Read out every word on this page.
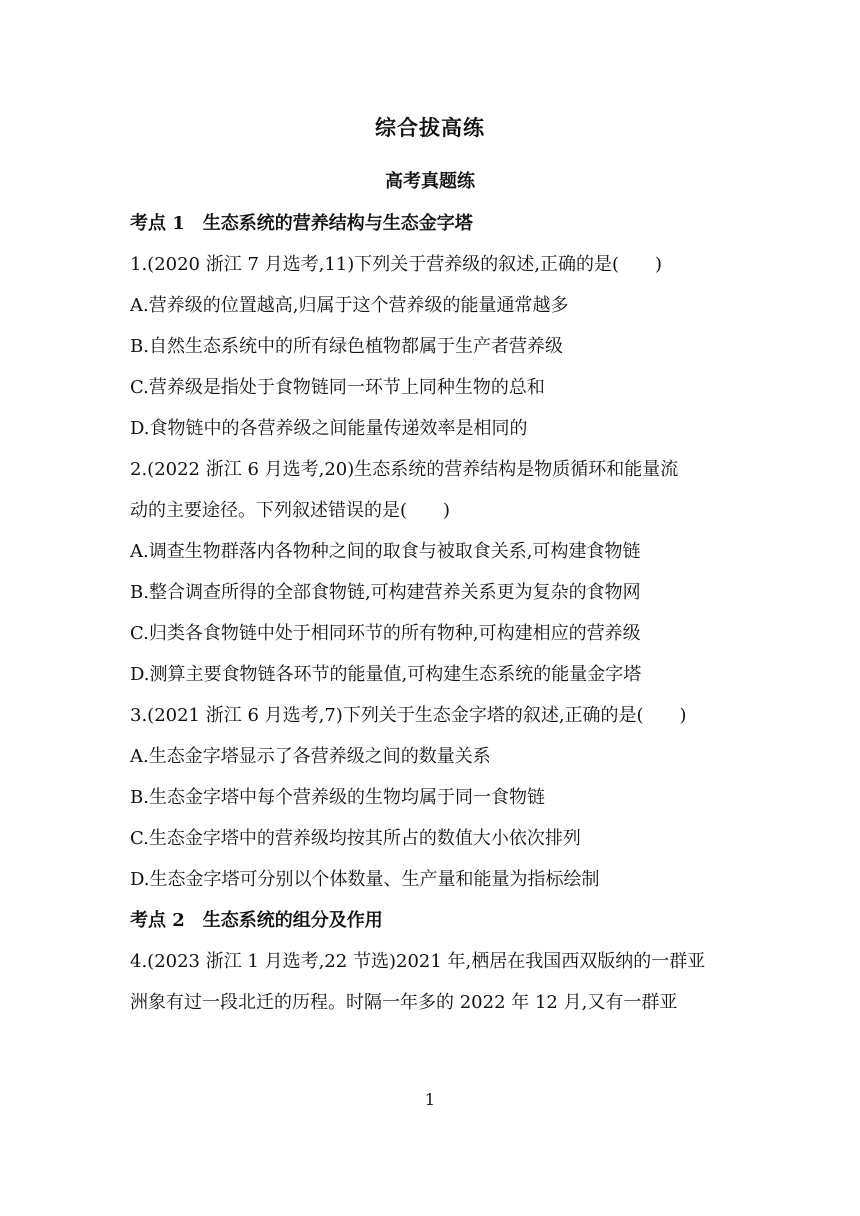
综合拔高练
高考真题练
考点 1 生态系统的营养结构与生态金字塔
1.(2020 浙江 7 月选考,11)下列关于营养级的叙述,正确的是(　　)
A.营养级的位置越高,归属于这个营养级的能量通常越多
B.自然生态系统中的所有绿色植物都属于生产者营养级
C.营养级是指处于食物链同一环节上同种生物的总和
D.食物链中的各营养级之间能量传递效率是相同的
2.(2022 浙江 6 月选考,20)生态系统的营养结构是物质循环和能量流
动的主要途径。下列叙述错误的是(　　)
A.调查生物群落内各物种之间的取食与被取食关系,可构建食物链
B.整合调查所得的全部食物链,可构建营养关系更为复杂的食物网
C.归类各食物链中处于相同环节的所有物种,可构建相应的营养级
D.测算主要食物链各环节的能量值,可构建生态系统的能量金字塔
3.(2021 浙江 6 月选考,7)下列关于生态金字塔的叙述,正确的是(　　)
A.生态金字塔显示了各营养级之间的数量关系
B.生态金字塔中每个营养级的生物均属于同一食物链
C.生态金字塔中的营养级均按其所占的数值大小依次排列
D.生态金字塔可分别以个体数量、生产量和能量为指标绘制
考点 2 生态系统的组分及作用
4.(2023 浙江 1 月选考,22 节选)2021 年,栖居在我国西双版纳的一群亚
洲象有过一段北迁的历程。时隔一年多的 2022 年 12 月,又有一群亚
1
